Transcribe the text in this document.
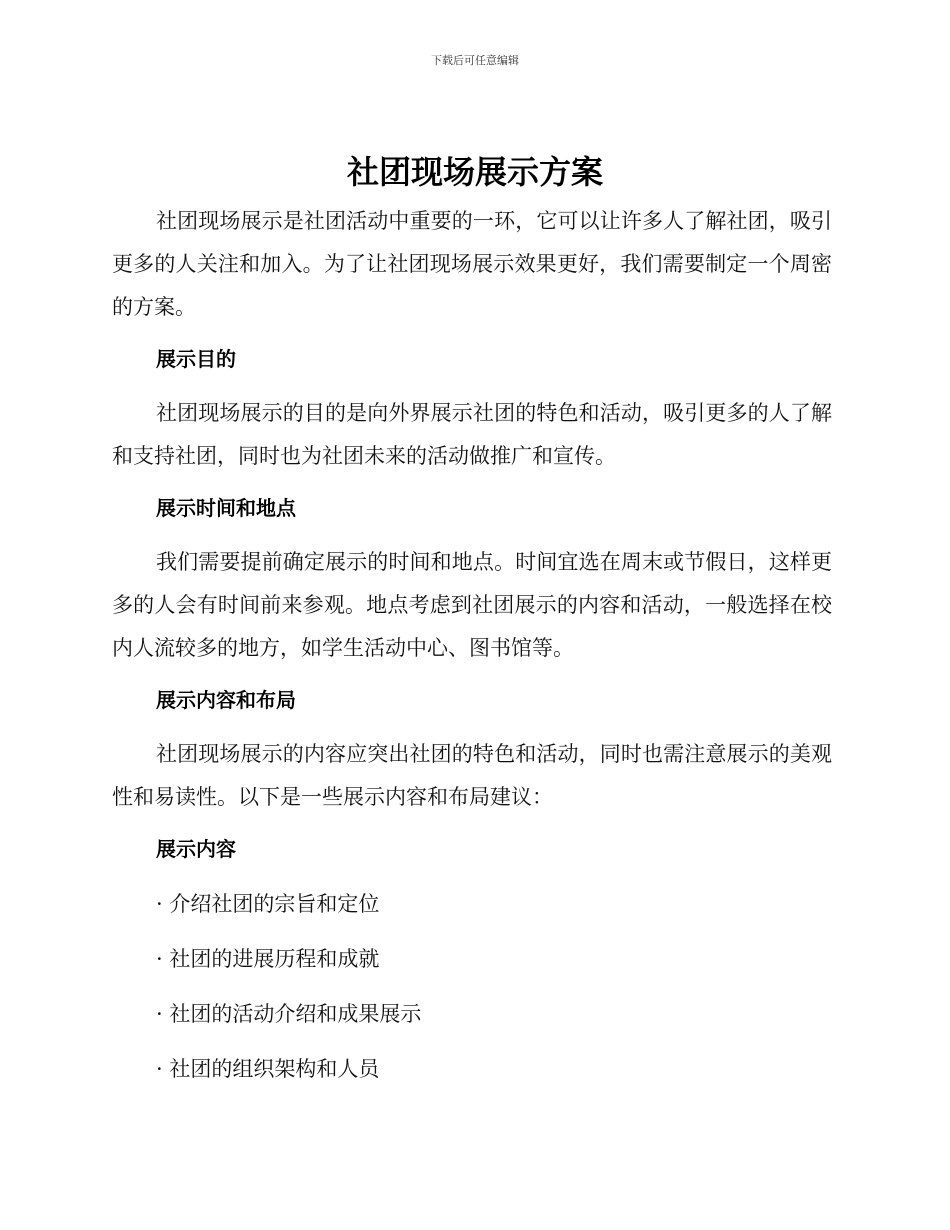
下载后可任意编辑
社团现场展示方案

社团现场展示是社团活动中重要的一环，它可以让许多人了解社团，吸引更多的人关注和加入。为了让社团现场展示效果更好，我们需要制定一个周密的方案。

展示目的

社团现场展示的目的是向外界展示社团的特色和活动，吸引更多的人了解和支持社团，同时也为社团未来的活动做推广和宣传。

展示时间和地点

我们需要提前确定展示的时间和地点。时间宜选在周末或节假日，这样更多的人会有时间前来参观。地点考虑到社团展示的内容和活动，一般选择在校内人流较多的地方，如学生活动中心、图书馆等。

展示内容和布局

社团现场展示的内容应突出社团的特色和活动，同时也需注意展示的美观性和易读性。以下是一些展示内容和布局建议：

展示内容
· 介绍社团的宗旨和定位
· 社团的进展历程和成就
· 社团的活动介绍和成果展示
· 社团的组织架构和人员
